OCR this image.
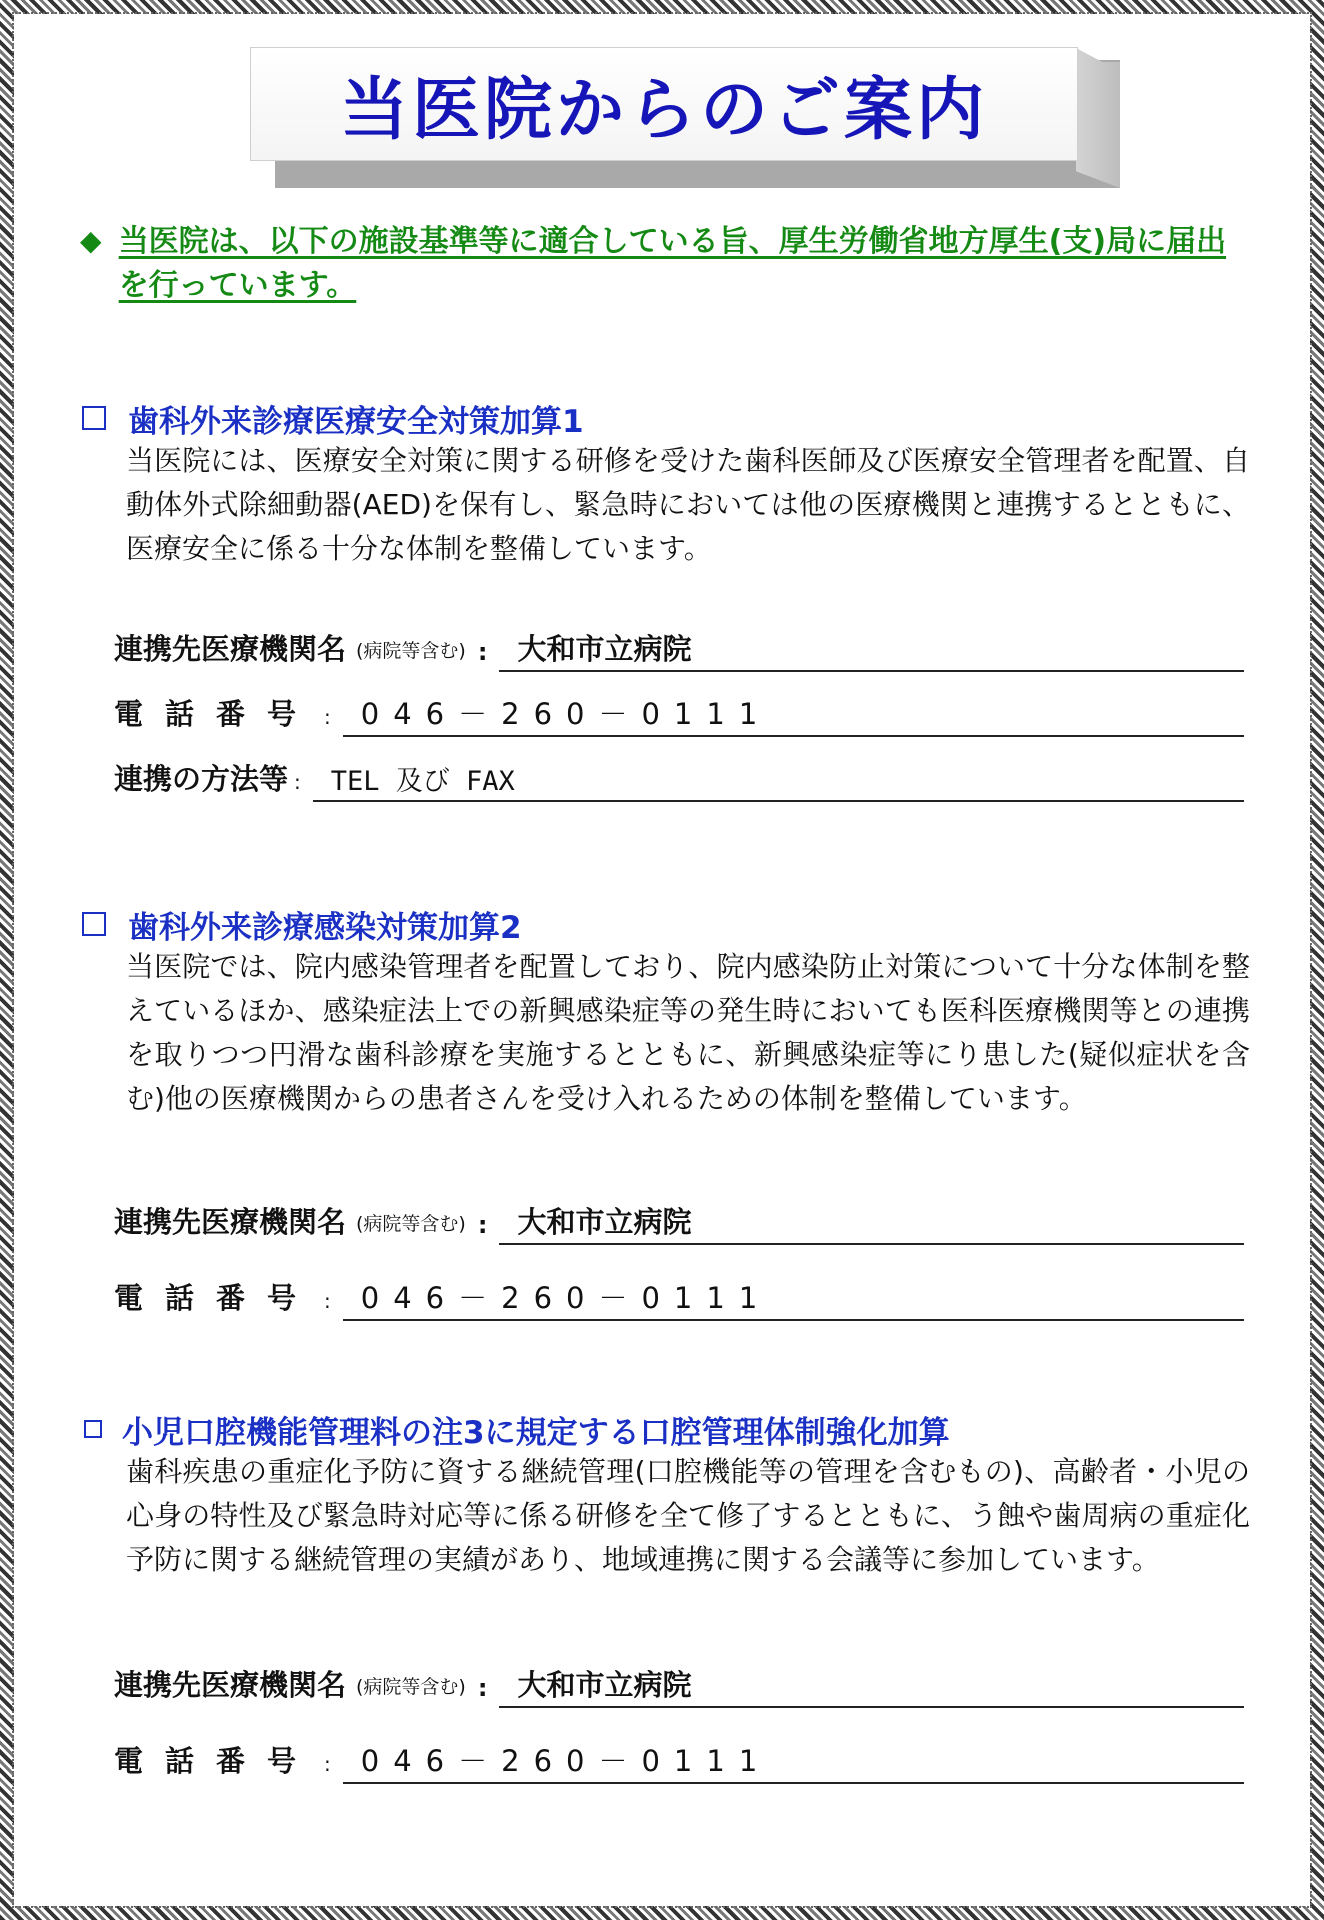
当医院からのご案内
◆ 当医院は、以下の施設基準等に適合している旨、厚生労働省地方厚生(支)局に届出を行っています。
歯科外来診療医療安全対策加算1
当医院には、医療安全対策に関する研修を受けた歯科医師及び医療安全管理者を配置、自動体外式除細動器(AED)を保有し、緊急時においては他の医療機関と連携するとともに、医療安全に係る十分な体制を整備しています。
連携先医療機関名 (病院等含む) :	大和市立病院
電話番号 :	046－260－0111
連携の方法等 :	TEL 及び FAX
歯科外来診療感染対策加算2
当医院では、院内感染管理者を配置しており、院内感染防止対策について十分な体制を整えているほか、感染症法上での新興感染症等の発生時においても医科医療機関等との連携を取りつつ円滑な歯科診療を実施するとともに、新興感染症等にり患した(疑似症状を含む)他の医療機関からの患者さんを受け入れるための体制を整備しています。
連携先医療機関名 (病院等含む) :	大和市立病院
電話番号 :	046－260－0111
小児口腔機能管理料の注3に規定する口腔管理体制強化加算
歯科疾患の重症化予防に資する継続管理(口腔機能等の管理を含むもの)、高齢者・小児の心身の特性及び緊急時対応等に係る研修を全て修了するとともに、う蝕や歯周病の重症化予防に関する継続管理の実績があり、地域連携に関する会議等に参加しています。
連携先医療機関名 (病院等含む) :	大和市立病院
電話番号 :	046－260－0111
